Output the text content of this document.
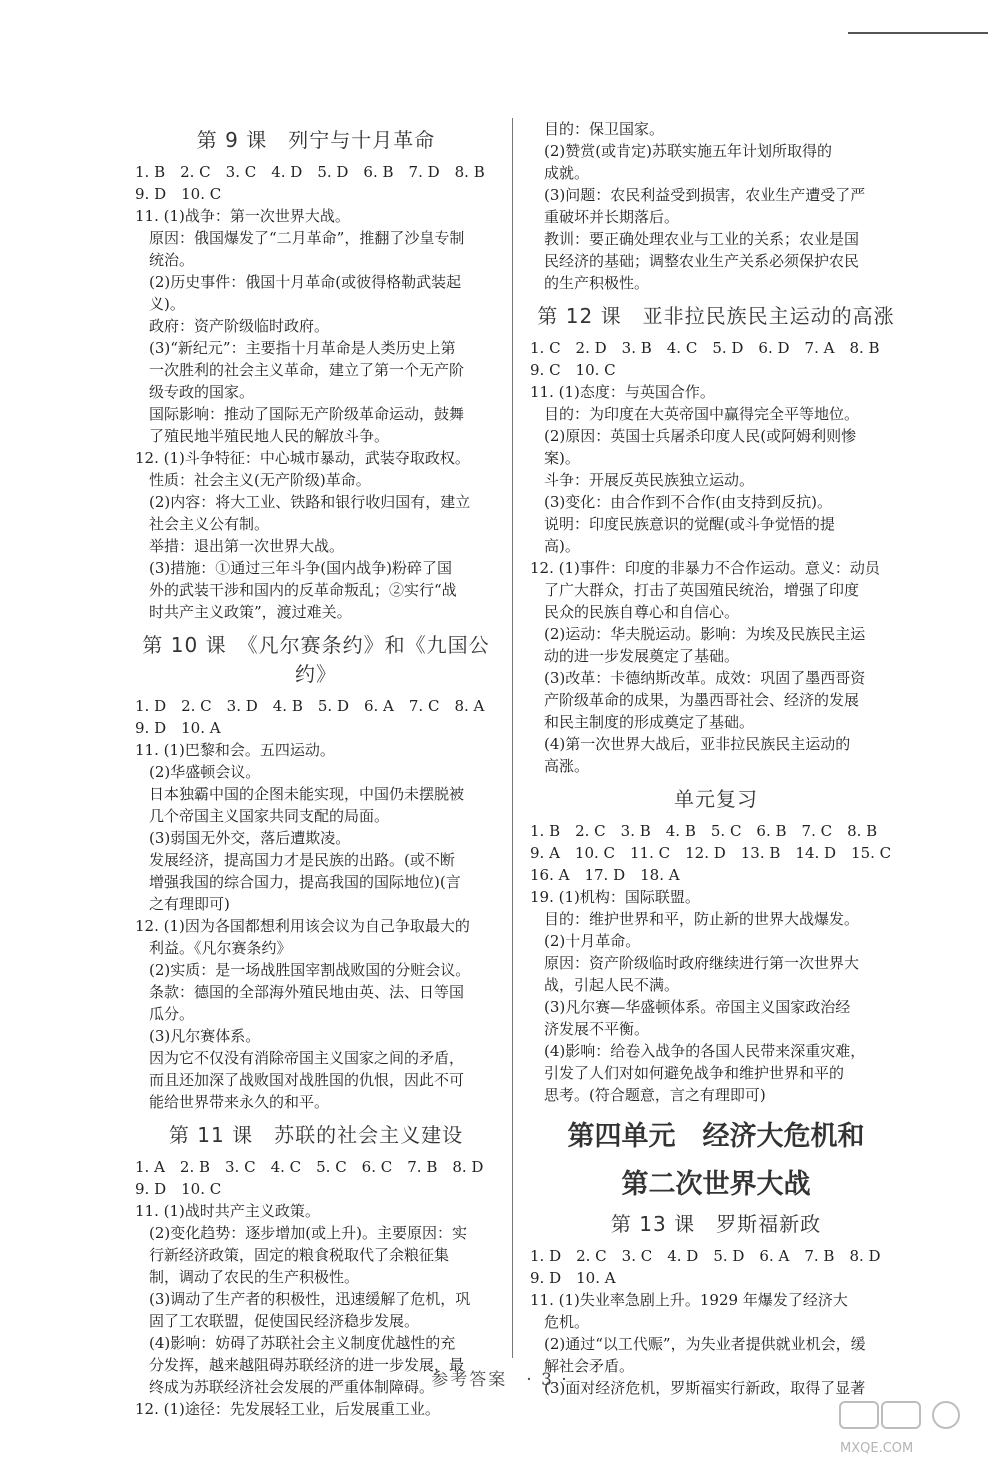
第 9 课　列宁与十月革命
1. B　2. C　3. C　4. D　5. D　6. B　7. D　8. B
9. D　10. C
11. (1)战争：第一次世界大战。
原因：俄国爆发了“二月革命”，推翻了沙皇专制
统治。
(2)历史事件：俄国十月革命(或彼得格勒武装起
义)。
政府：资产阶级临时政府。
(3)“新纪元”：主要指十月革命是人类历史上第
一次胜利的社会主义革命，建立了第一个无产阶
级专政的国家。
国际影响：推动了国际无产阶级革命运动，鼓舞
了殖民地半殖民地人民的解放斗争。
12. (1)斗争特征：中心城市暴动，武装夺取政权。
性质：社会主义(无产阶级)革命。
(2)内容：将大工业、铁路和银行收归国有，建立
社会主义公有制。
举措：退出第一次世界大战。
(3)措施：①通过三年斗争(国内战争)粉碎了国
外的武装干涉和国内的反革命叛乱；②实行“战
时共产主义政策”，渡过难关。
第 10 课　《凡尔赛条约》和《九国公约》
1. D　2. C　3. D　4. B　5. D　6. A　7. C　8. A
9. D　10. A
11. (1)巴黎和会。五四运动。
(2)华盛顿会议。
日本独霸中国的企图未能实现，中国仍未摆脱被
几个帝国主义国家共同支配的局面。
(3)弱国无外交，落后遭欺凌。
发展经济，提高国力才是民族的出路。(或不断
增强我国的综合国力，提高我国的国际地位)(言
之有理即可)
12. (1)因为各国都想利用该会议为自己争取最大的
利益。《凡尔赛条约》
(2)实质：是一场战胜国宰割战败国的分赃会议。
条款：德国的全部海外殖民地由英、法、日等国
瓜分。
(3)凡尔赛体系。
因为它不仅没有消除帝国主义国家之间的矛盾，
而且还加深了战败国对战胜国的仇恨，因此不可
能给世界带来永久的和平。
第 11 课　苏联的社会主义建设
1. A　2. B　3. C　4. C　5. C　6. C　7. B　8. D
9. D　10. C
11. (1)战时共产主义政策。
(2)变化趋势：逐步增加(或上升)。主要原因：实
行新经济政策，固定的粮食税取代了余粮征集
制，调动了农民的生产积极性。
(3)调动了生产者的积极性，迅速缓解了危机，巩
固了工农联盟，促使国民经济稳步发展。
(4)影响：妨碍了苏联社会主义制度优越性的充
分发挥，越来越阻碍苏联经济的进一步发展，最
终成为苏联经济社会发展的严重体制障碍。
12. (1)途径：先发展轻工业，后发展重工业。
目的：保卫国家。
(2)赞赏(或肯定)苏联实施五年计划所取得的
成就。
(3)问题：农民利益受到损害，农业生产遭受了严
重破坏并长期落后。
教训：要正确处理农业与工业的关系；农业是国
民经济的基础；调整农业生产关系必须保护农民
的生产积极性。
第 12 课　亚非拉民族民主运动的高涨
1. C　2. D　3. B　4. C　5. D　6. D　7. A　8. B
9. C　10. C
11. (1)态度：与英国合作。
目的：为印度在大英帝国中赢得完全平等地位。
(2)原因：英国士兵屠杀印度人民(或阿姆利则惨
案)。
斗争：开展反英民族独立运动。
(3)变化：由合作到不合作(由支持到反抗)。
说明：印度民族意识的觉醒(或斗争觉悟的提
高)。
12. (1)事件：印度的非暴力不合作运动。意义：动员
了广大群众，打击了英国殖民统治，增强了印度
民众的民族自尊心和自信心。
(2)运动：华夫脱运动。影响：为埃及民族民主运
动的进一步发展奠定了基础。
(3)改革：卡德纳斯改革。成效：巩固了墨西哥资
产阶级革命的成果，为墨西哥社会、经济的发展
和民主制度的形成奠定了基础。
(4)第一次世界大战后，亚非拉民族民主运动的
高涨。
单元复习
1. B　2. C　3. B　4. B　5. C　6. B　7. C　8. B
9. A　10. C　11. C　12. D　13. B　14. D　15. C
16. A　17. D　18. A
19. (1)机构：国际联盟。
目的：维护世界和平，防止新的世界大战爆发。
(2)十月革命。
原因：资产阶级临时政府继续进行第一次世界大
战，引起人民不满。
(3)凡尔赛—华盛顿体系。帝国主义国家政治经
济发展不平衡。
(4)影响：给卷入战争的各国人民带来深重灾难，
引发了人们对如何避免战争和维护世界和平的
思考。(符合题意，言之有理即可)
第四单元　经济大危机和
第二次世界大战
第 13 课　罗斯福新政
1. D　2. C　3. C　4. D　5. D　6. A　7. B　8. D
9. D　10. A
11. (1)失业率急剧上升。1929 年爆发了经济大
危机。
(2)通过“以工代赈”，为失业者提供就业机会，缓
解社会矛盾。
(3)面对经济危机，罗斯福实行新政，取得了显著
参考答案　· 3 ·
MXQE.COM
